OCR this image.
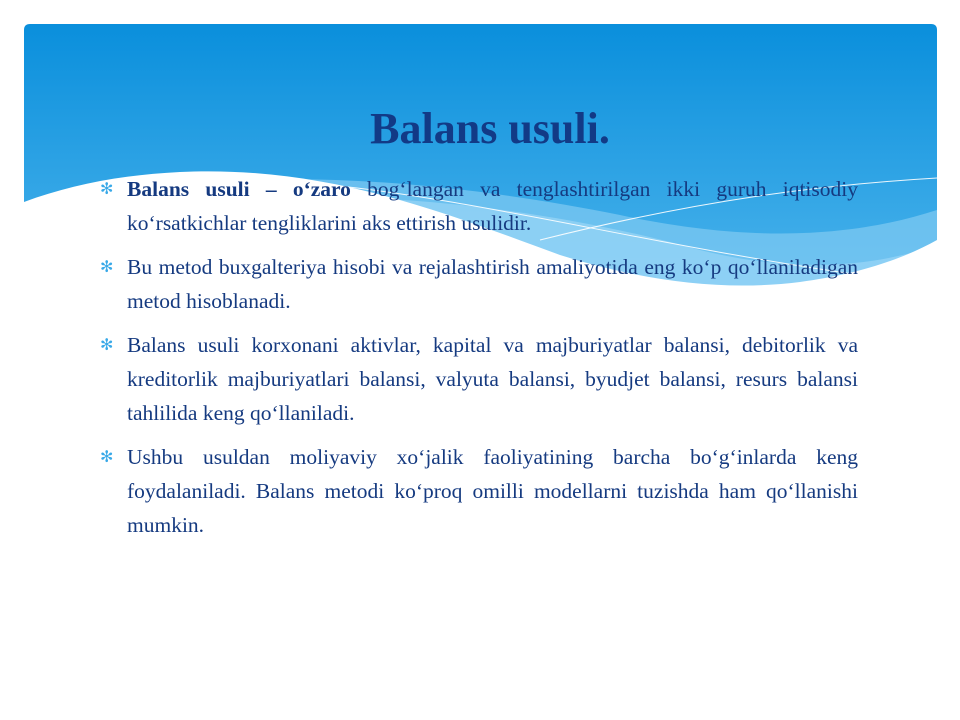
Balans usuli.
✻ Balans usuli – o‘zaro bog‘langan va tenglashtirilgan ikki guruh iqtisodiy ko‘rsatkichlar tengliklarini aks ettirish usulidir.
✻ Bu metod buxgalteriya hisobi va rejalashtirish amaliyotida eng ko‘p qo‘llaniladigan metod hisoblanadi.
✻ Balans usuli korxonani aktivlar, kapital va majburiyatlar balansi, debitorlik va kreditorlik majburiyatlari balansi, valyuta balansi, byudjet balansi, resurs balansi tahlilida keng qo‘llaniladi.
✻ Ushbu usuldan moliyaviy xo‘jalik faoliyatining barcha bo‘g‘inlarda keng foydalaniladi. Balans metodi ko‘proq omilli modellarni tuzishda ham qo‘llanishi mumkin.
